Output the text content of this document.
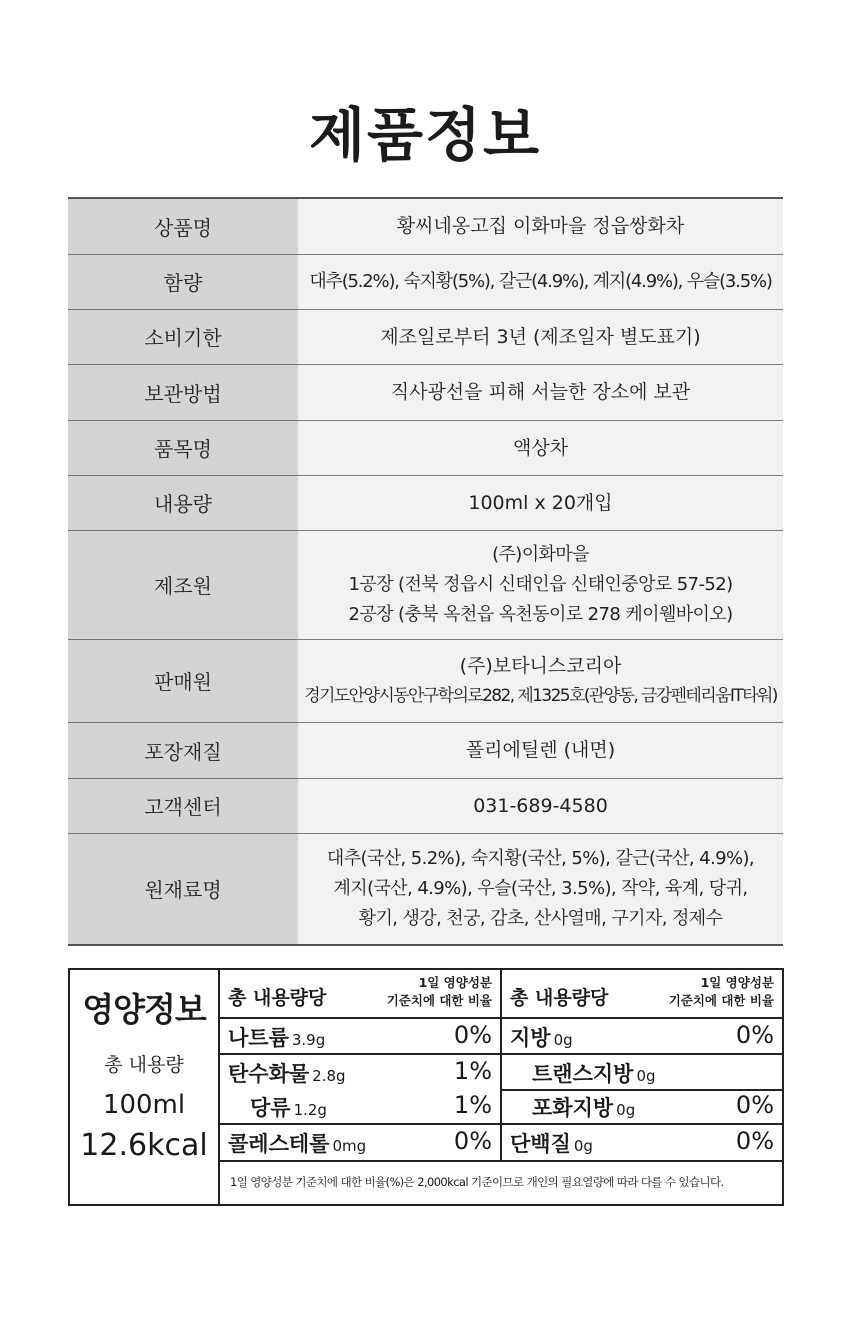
제품정보
상품명	황씨네옹고집 이화마을 정읍쌍화차

함량	대추(5.2%), 숙지황(5%), 갈근(4.9%), 계지(4.9%), 우슬(3.5%)

소비기한	제조일로부터 3년 (제조일자 별도표기)

보관방법	직사광선을 피해 서늘한 장소에 보관

품목명	액상차

내용량	100ml x 20개입

제조원	(주)이화마을
1공장 (전북 정읍시 신태인읍 신태인중앙로 57-52)
2공장 (충북 옥천읍 옥천동이로 278 케이웰바이오)

판매원	(주)보타니스코리아
경기도안양시동안구학의로282, 제1325호(관양동, 금강펜테리움IT타워)

포장재질	폴리에틸렌 (내면)

고객센터	031-689-4580

원재료명	대추(국산, 5.2%), 숙지황(국산, 5%), 갈근(국산, 4.9%),
계지(국산, 4.9%), 우슬(국산, 3.5%), 작약, 육계, 당귀,
황기, 생강, 천궁, 감초, 산사열매, 구기자, 정제수
영양정보
총 내용량
100ml
12.6kcal
총 내용량당
1일 영양성분
기준치에 대한 비율
나트륨 3.9g	0%
탄수화물 2.8g	1%
당류 1.2g	1%
콜레스테롤 0mg	0%
총 내용량당
1일 영양성분
기준치에 대한 비율
지방 0g	0%
트랜스지방 0g
포화지방 0g	0%
단백질 0g	0%
1일 영양성분 기준치에 대한 비율(%)은 2,000kcal 기준이므로 개인의 필요열량에 따라 다를 수 있습니다.
